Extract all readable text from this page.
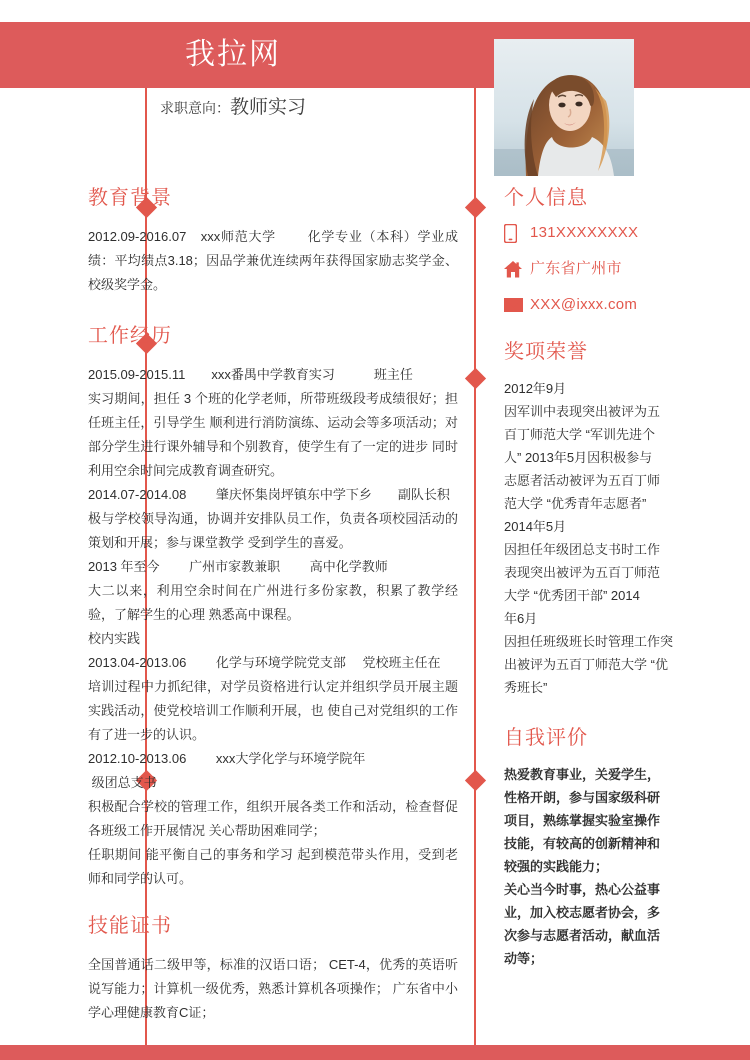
我拉网
求职意向：教师实习
教育背景
2012.09-2016.07　xxx师范大学　　 化学专业（本科）学业成绩：平均绩点3.18；因品学兼优连续两年获得国家励志奖学金、校级奖学金。
工作经历
2015.09-2015.11　　xxx番禺中学教育实习　　　班主任
实习期间，担任 3 个班的化学老师，所带班级段考成绩很好；担任班主任，引导学生 顺利进行消防演练、运动会等多项活动；对部分学生进行课外辅导和个别教育，使学生有了一定的进步 同时利用空余时间完成教育调查研究。
2014.07-2014.08　　 肇庆怀集岗坪镇东中学下乡　　副队长积
极与学校领导沟通，协调并安排队员工作，负责各项校园活动的策划和开展；参与课堂教学 受到学生的喜爱。
2013 年至今　　 广州市家教兼职　　 高中化学教师
大二以来，利用空余时间在广州进行多份家教，积累了教学经验，了解学生的心理 熟悉高中课程。
校内实践
2013.04-2013.06　　 化学与环境学院党支部　 党校班主任在
培训过程中力抓纪律，对学员资格进行认定并组织学员开展主题实践活动，使党校培训工作顺利开展，也 使自己对党组织的工作有了进一步的认识。
2012.10-2013.06　　 xxx大学化学与环境学院年
级团总支书
积极配合学校的管理工作，组织开展各类工作和活动，检查督促各班级工作开展情况 关心帮助困难同学；
任职期间 能平衡自己的事务和学习 起到模范带头作用，受到老师和同学的认可。
技能证书
全国普通话二级甲等，标准的汉语口语； CET-4，优秀的英语听说写能力；计算机一级优秀，熟悉计算机各项操作； 广东省中小学心理健康教育C证；
个人信息
131XXXXXXXX
广东省广州市
XXX@ixxx.com
奖项荣誉
2012年9月
因军训中表现突出被评为五
百丁师范大学 “军训先进个
人” 2013年5月因积极参与
志愿者活动被评为五百丁师
范大学 “优秀青年志愿者”
2014年5月
因担任年级团总支书时工作
表现突出被评为五百丁师范
大学 “优秀团干部” 2014
年6月
因担任班级班长时管理工作突
出被评为五百丁师范大学 “优
秀班长”
自我评价
热爱教育事业，关爱学生，
性格开朗，参与国家级科研
项目，熟练掌握实验室操作
技能，有较高的创新精神和
较强的实践能力；
关心当今时事，热心公益事
业，加入校志愿者协会，多
次参与志愿者活动，献血活
动等；
